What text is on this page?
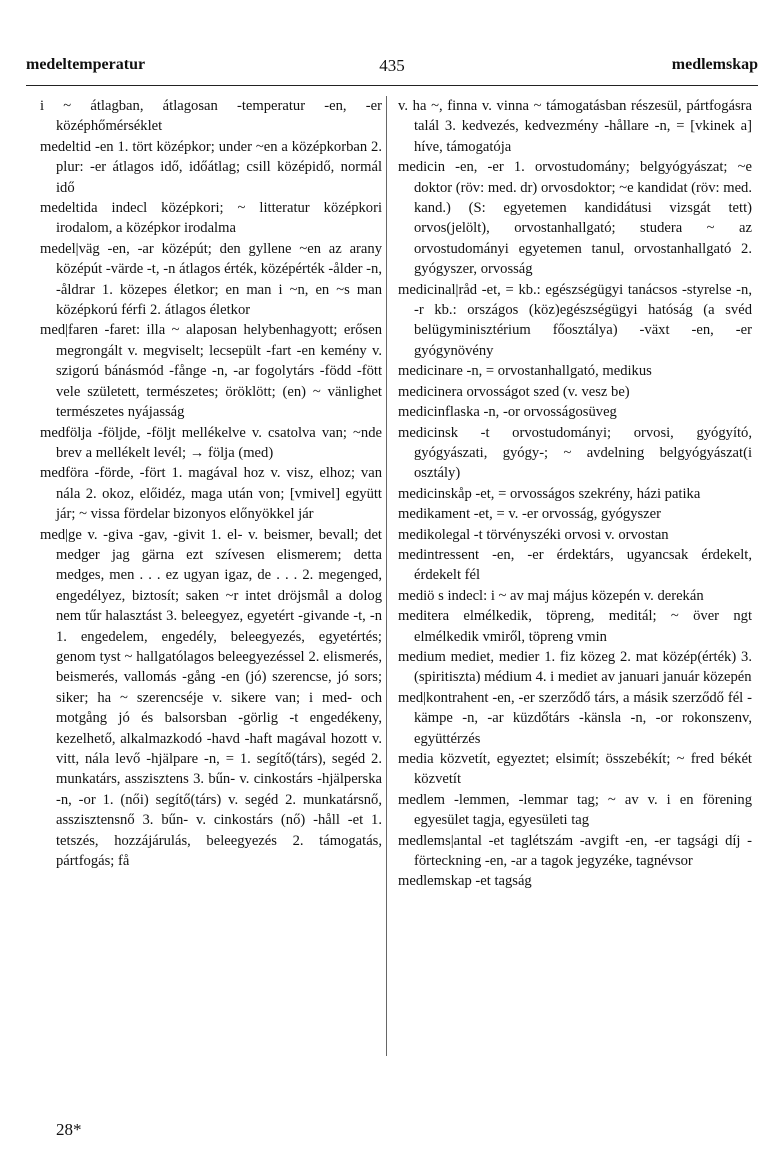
medeltemperatur	435	medlemskap

i ~ átlagban, átlagosan -temperatur -en, -er középhőmérséklet

medeltid -en 1. tört középkor; under ~en a középkorban 2. plur: -er átlagos idő, időátlag; csill középidő, normál idő

medeltida indecl középkori; ~ litteratur középkori irodalom, a középkor irodalma

medel|väg -en, -ar középút; den gyllene ~en az arany középút -värde -t, -n átlagos érték, középérték -ålder -n, -åldrar 1. közepes életkor; en man i ~n, en ~s man középkorú férfi 2. átlagos életkor

med|faren -faret: illa ~ alaposan helybenhagyott; erősen megrongált v. megviselt; lecsepült -fart -en kemény v. szigorú bánásmód -fånge -n, -ar fogolytárs -född -fött vele született, természetes; öröklött; (en) ~ vänlighet természetes nyájasság

medfölja -följde, -följt mellékelve v. csatolva van; ~nde brev a mellékelt levél; → följa (med)

medföra -förde, -fört 1. magával hoz v. visz, elhoz; van nála 2. okoz, előidéz, maga után von; [vmivel] együtt jár; ~ vissa fördelar bizonyos előnyökkel jár

med|ge v. -giva -gav, -givit 1. el- v. beismer, bevall; det medger jag gärna ezt szívesen elismerem; detta medges, men . . . ez ugyan igaz, de . . . 2. megenged, engedélyez, biztosít; saken ~r intet dröjsmål a dolog nem tűr halasztást 3. beleegyez, egyetért -givande -t, -n 1. engedelem, engedély, beleegyezés, egyetértés; genom tyst ~ hallgatólagos beleegyezéssel 2. elismerés, beismerés, vallomás -gång -en (jó) szerencse, jó sors; siker; ha ~ szerencséje v. sikere van; i med- och motgång jó és balsorsban -görlig -t engedékeny, kezelhető, alkalmazkodó -havd -haft magával hozott v. vitt, nála levő -hjälpare -n, = 1. segítő(társ), segéd 2. munkatárs, asszisztens 3. bűn- v. cinkostárs -hjälperska -n, -or 1. (női) segítő(társ) v. segéd 2. munkatársnő, asszisztensnő 3. bűn- v. cinkostárs (nő) -håll -et 1. tetszés, hozzájárulás, beleegyezés 2. támogatás, pártfogás; få

v. ha ~, finna v. vinna ~ támogatásban részesül, pártfogásra talál 3. kedvezés, kedvezmény -hållare -n, = [vkinek a] híve, támogatója

medicin -en, -er 1. orvostudomány; belgyógyászat; ~e doktor (röv: med. dr) orvosdoktor; ~e kandidat (röv: med. kand.) (S: egyetemen kandidátusi vizsgát tett) orvos(jelölt), orvostanhallgató; studera ~ az orvostudományi egyetemen tanul, orvostanhallgató 2. gyógyszer, orvosság

medicinal|råd -et, = kb.: egészségügyi tanácsos -styrelse -n, -r kb.: országos (köz)egészségügyi hatóság (a svéd belügyminisztérium főosztálya) -växt -en, -er gyógynövény

medicinare -n, = orvostanhallgató, medikus

medicinera orvosságot szed (v. vesz be)

medicinflaska -n, -or orvosságosüveg

medicinsk -t orvostudományi; orvosi, gyógyító, gyógyászati, gyógy-; ~ avdelning belgyógyászat(i osztály)

medicinskåp -et, = orvosságos szekrény, házi patika

medikament -et, = v. -er orvosság, gyógyszer

medikolegal -t törvényszéki orvosi v. orvostan

medintressent -en, -er érdektárs, ugyancsak érdekelt, érdekelt fél

mediö s indecl: i ~ av maj május közepén v. derekán

meditera elmélkedik, töpreng, meditál; ~ över ngt elmélkedik vmiről, töpreng vmin

medium mediet, medier 1. fiz közeg 2. mat közép(érték) 3. (spiritiszta) médium 4. i mediet av januari január közepén

med|kontrahent -en, -er szerződő társ, a másik szerződő fél -kämpe -n, -ar küzdőtárs -känsla -n, -or rokonszenv, együttérzés

media közvetít, egyeztet; elsimít; összebékít; ~ fred békét közvetít

medlem -lemmen, -lemmar tag; ~ av v. i en förening egyesület tagja, egyesületi tag

medlems|antal -et taglétszám -avgift -en, -er tagsági díj -förteckning -en, -ar a tagok jegyzéke, tagnévsor

medlemskap -et tagság

28*
